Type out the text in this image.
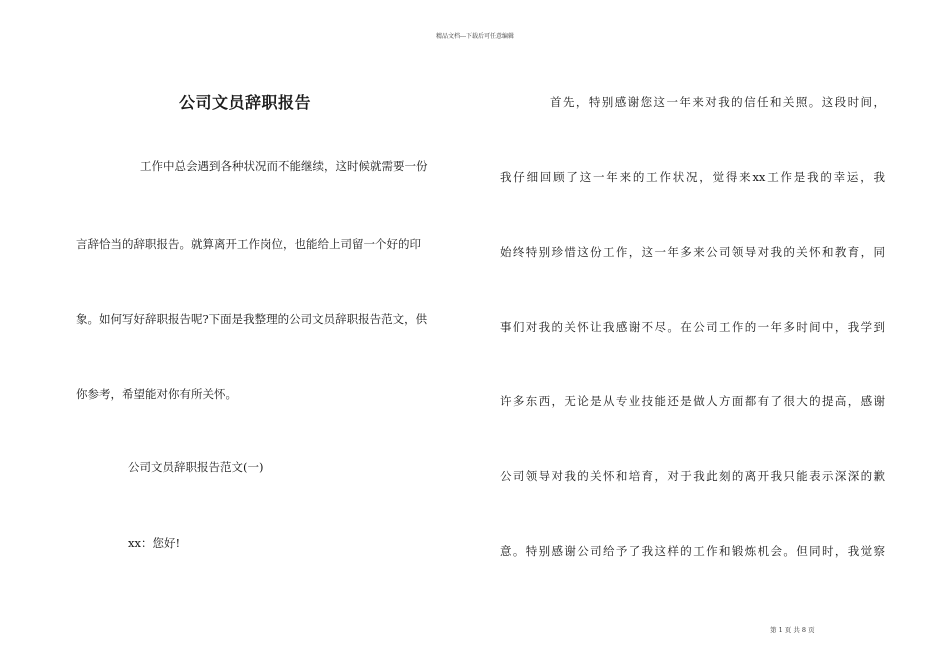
精品文档---下载后可任意编辑
公司文员辞职报告
工作中总会遇到各种状况而不能继续，这时候就需要一份
言辞恰当的辞职报告。就算离开工作岗位，也能给上司留一个好的印
象。如何写好辞职报告呢?下面是我整理的公司文员辞职报告范文，供
你参考，希望能对你有所关怀。
公司文员辞职报告范文(一)
xx：您好!
首先，特别感谢您这一年来对我的信任和关照。这段时间，
我仔细回顾了这一年来的工作状况，觉得来xx工作是我的幸运，我
始终特别珍惜这份工作，这一年多来公司领导对我的关怀和教育，同
事们对我的关怀让我感谢不尽。在公司工作的一年多时间中，我学到
许多东西，无论是从专业技能还是做人方面都有了很大的提高，感谢
公司领导对我的关怀和培育，对于我此刻的离开我只能表示深深的歉
意。特别感谢公司给予了我这样的工作和锻炼机会。但同时，我觉察
第 1 页 共 8 页
